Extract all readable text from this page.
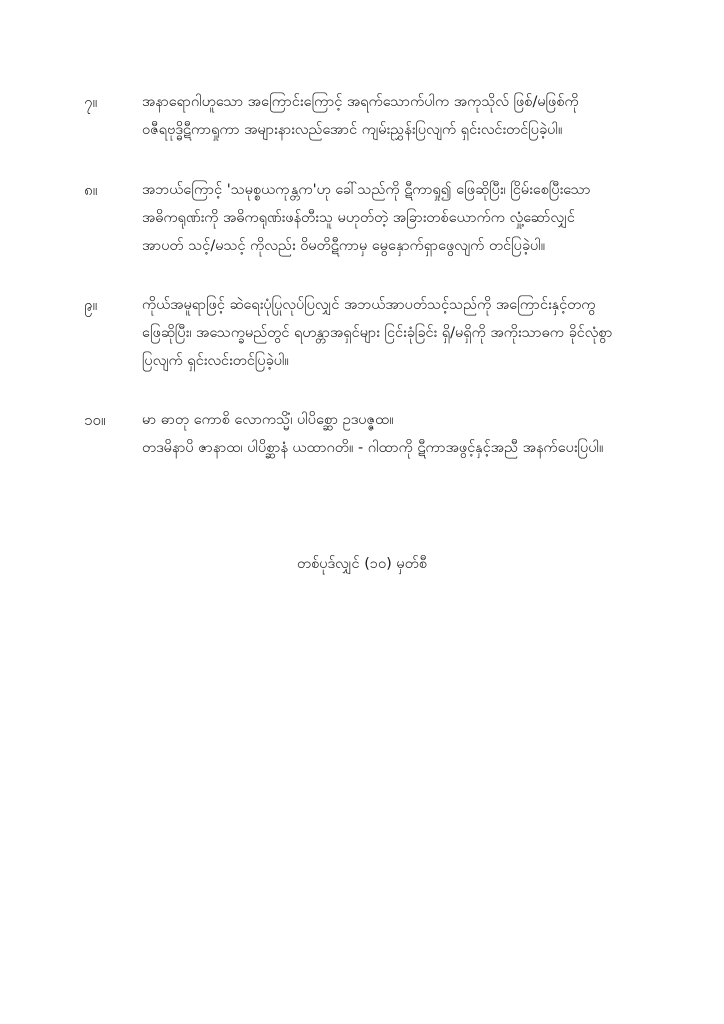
၇။	အနာရောဂါဟူသော အကြောင်းကြောင့် အရက်သောက်ပါက အကုသိုလ် ဖြစ်/မဖြစ်ကို
ဝဇီရဗုဒ္ဓိဋီကာရှုကာ အများနားလည်အောင် ကျမ်းညွှန်းပြလျက် ရှင်းလင်းတင်ပြခဲ့ပါ။
၈။	အဘယ်ကြောင့် 'သမုစ္စယကုန္တက'ဟု ခေါ်သည်ကို ဋီကာရှု၍ ဖြေဆိုပြီး၊ ငြိမ်းစေပြီးသော
အဓိကရုဏ်းကို အဓိကရုဏ်းဖန်တီးသူ မဟုတ်တဲ့ အခြားတစ်ယောက်က လှုံ့ဆော်လျှင်
အာပတ် သင့်/မသင့် ကိုလည်း ဝိမတိဋီကာမှ မွေနှောက်ရှာဖွေလျက် တင်ပြခဲ့ပါ။
၉။	ကိုယ်အမူရာဖြင့် ဆဲရေးပုံပြုလုပ်ပြလျှင် အဘယ်အာပတ်သင့်သည်ကို အကြောင်းနှင့်တကွ
ဖြေဆိုပြီး၊ အသေက္ခမည်တွင် ရဟန္တာအရှင်များ ငြင်းခုံခြင်း ရှိ/မရှိကို အကိုးသာဓက ခိုင်လုံစွာ
ပြလျက် ရှင်းလင်းတင်ပြခဲ့ပါ။
၁၀။	မာ ဓာတု ကောစိ လောကသ္မိံ၊ ပါပိစ္ဆော ဥဒပဇ္ဇထ။
တဒမိနာပိ ဇာနာထ၊ ပါပိစ္ဆာနံ ယထာဂတိ။ - ဂါထာကို ဋီကာအဖွင့်နှင့်အညီ အနက်ပေးပြပါ။
တစ်ပုဒ်လျှင် (၁၀) မှတ်စီ
